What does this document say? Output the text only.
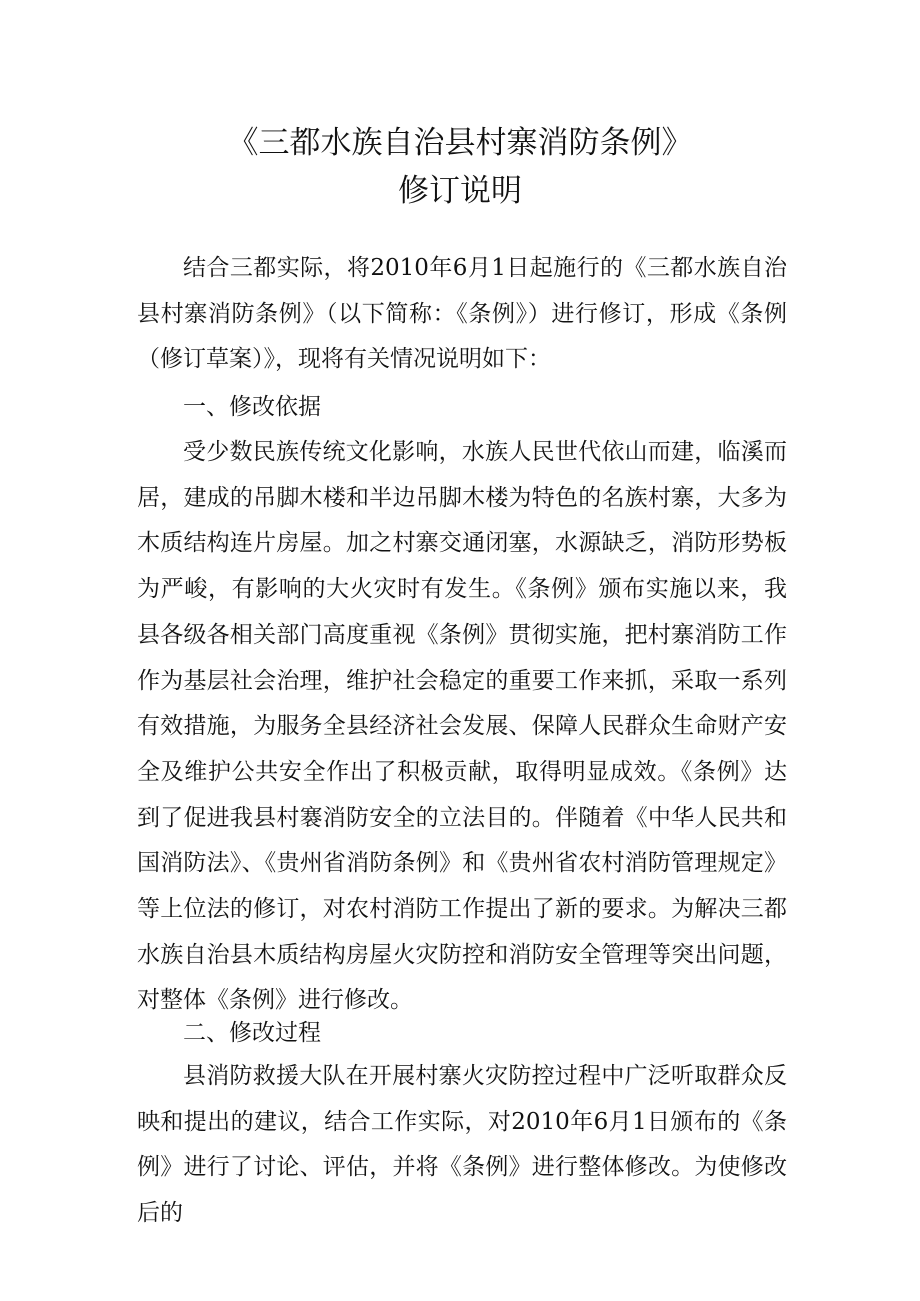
《三都水族自治县村寨消防条例》
修订说明

结合三都实际，将2010年6月1日起施行的《三都水族自治县村寨消防条例》（以下简称：《条例》）进行修订，形成《条例（修订草案）》，现将有关情况说明如下：

一、修改依据

受少数民族传统文化影响，水族人民世代依山而建，临溪而居，建成的吊脚木楼和半边吊脚木楼为特色的名族村寨，大多为木质结构连片房屋。加之村寨交通闭塞，水源缺乏，消防形势板为严峻，有影响的大火灾时有发生。《条例》颁布实施以来，我县各级各相关部门高度重视《条例》贯彻实施，把村寨消防工作作为基层社会治理，维护社会稳定的重要工作来抓，采取一系列有效措施，为服务全县经济社会发展、保障人民群众生命财产安全及维护公共安全作出了积极贡献，取得明显成效。《条例》达到了促进我县村褰消防安全的立法目的。伴随着《中华人民共和国消防法》、《贵州省消防条例》和《贵州省农村消防管理规定》等上位法的修订，对农村消防工作提出了新的要求。为解决三都水族自治县木质结构房屋火灾防控和消防安全管理等突出问题，对整体《条例》进行修改。

二、修改过程

县消防救援大队在开展村寨火灾防控过程中广泛听取群众反映和提出的建议，结合工作实际，对2010年6月1日颁布的《条例》进行了讨论、评估，并将《条例》进行整体修改。为使修改后的
